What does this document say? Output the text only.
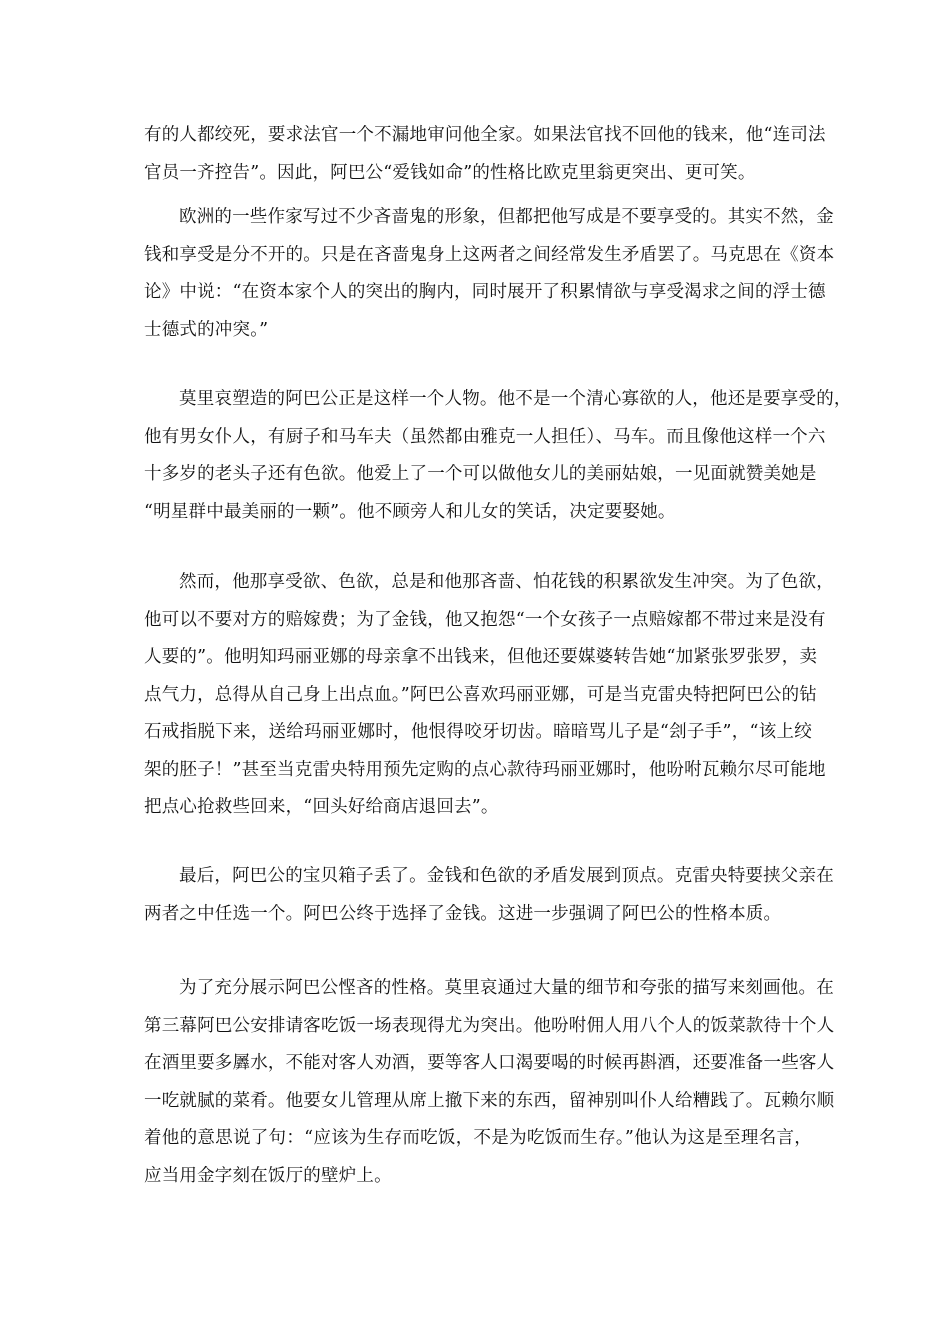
有的人都绞死，要求法官一个不漏地审问他全家。如果法官找不回他的钱来，他“连司法
官员一齐控告”。因此，阿巴公“爱钱如命”的性格比欧克里翁更突出、更可笑。
欧洲的一些作家写过不少吝啬鬼的形象，但都把他写成是不要享受的。其实不然，金
钱和享受是分不开的。只是在吝啬鬼身上这两者之间经常发生矛盾罢了。马克思在《资本
论》中说：“在资本家个人的突出的胸内，同时展开了积累情欲与享受渴求之间的浮士德
士德式的冲突。”
莫里哀塑造的阿巴公正是这样一个人物。他不是一个清心寡欲的人，他还是要享受的，
他有男女仆人，有厨子和马车夫（虽然都由雅克一人担任）、马车。而且像他这样一个六
十多岁的老头子还有色欲。他爱上了一个可以做他女儿的美丽姑娘，一见面就赞美她是
“明星群中最美丽的一颗”。他不顾旁人和儿女的笑话，决定要娶她。
然而，他那享受欲、色欲，总是和他那吝啬、怕花钱的积累欲发生冲突。为了色欲，
他可以不要对方的赔嫁费；为了金钱，他又抱怨“一个女孩子一点赔嫁都不带过来是没有
人要的”。他明知玛丽亚娜的母亲拿不出钱来，但他还要媒婆转告她“加紧张罗张罗，卖
点气力，总得从自己身上出点血。”阿巴公喜欢玛丽亚娜，可是当克雷央特把阿巴公的钻
石戒指脱下来，送给玛丽亚娜时，他恨得咬牙切齿。暗暗骂儿子是“刽子手”，“该上绞
架的胚子！”甚至当克雷央特用预先定购的点心款待玛丽亚娜时，他吩咐瓦赖尔尽可能地
把点心抢救些回来，“回头好给商店退回去”。
最后，阿巴公的宝贝箱子丢了。金钱和色欲的矛盾发展到顶点。克雷央特要挟父亲在
两者之中任选一个。阿巴公终于选择了金钱。这进一步强调了阿巴公的性格本质。
为了充分展示阿巴公悭吝的性格。莫里哀通过大量的细节和夸张的描写来刻画他。在
第三幕阿巴公安排请客吃饭一场表现得尤为突出。他吩咐佣人用八个人的饭菜款待十个人
在酒里要多羼水，不能对客人劝酒，要等客人口渴要喝的时候再斟酒，还要准备一些客人
一吃就腻的菜肴。他要女儿管理从席上撤下来的东西，留神别叫仆人给糟践了。瓦赖尔顺
着他的意思说了句：“应该为生存而吃饭，不是为吃饭而生存。”他认为这是至理名言，
应当用金字刻在饭厅的壁炉上。
